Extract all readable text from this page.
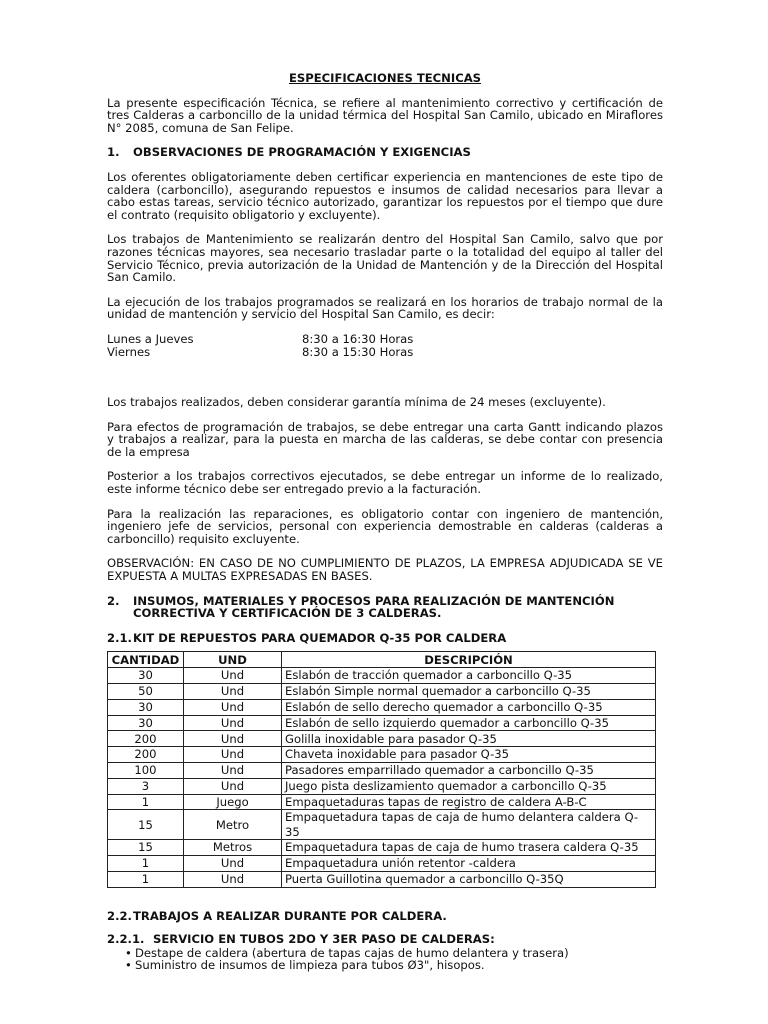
ESPECIFICACIONES TECNICAS

La presente especificación Técnica, se refiere al mantenimiento correctivo y certificación de tres Calderas a carboncillo de la unidad térmica del Hospital San Camilo, ubicado en Miraflores N° 2085, comuna de San Felipe.

1.	OBSERVACIONES DE PROGRAMACIÓN Y EXIGENCIAS

Los oferentes obligatoriamente deben certificar experiencia en mantenciones de este tipo de caldera (carboncillo), asegurando repuestos e insumos de calidad necesarios para llevar a cabo estas tareas, servicio técnico autorizado, garantizar los repuestos por el tiempo que dure el contrato (requisito obligatorio y excluyente).

Los trabajos de Mantenimiento se realizarán dentro del Hospital San Camilo, salvo que por razones técnicas mayores, sea necesario trasladar parte o la totalidad del equipo al taller del Servicio Técnico, previa autorización de la Unidad de Mantención y de la Dirección del Hospital San Camilo.

La ejecución de los trabajos programados se realizará en los horarios de trabajo normal de la unidad de mantención y servicio del Hospital San Camilo, es decir:

Lunes a Jueves	8:30 a 16:30 Horas
Viernes	8:30 a 15:30 Horas

Los trabajos realizados, deben considerar garantía mínima de 24 meses (excluyente).

Para efectos de programación de trabajos, se debe entregar una carta Gantt indicando plazos y trabajos a realizar, para la puesta en marcha de las calderas, se debe contar con presencia de la empresa

Posterior a los trabajos correctivos ejecutados, se debe entregar un informe de lo realizado, este informe técnico debe ser entregado previo a la facturación.

Para la realización las reparaciones, es obligatorio contar con ingeniero de mantención, ingeniero jefe de servicios, personal con experiencia demostrable en calderas (calderas a carboncillo) requisito excluyente.

OBSERVACIÓN: EN CASO DE NO CUMPLIMIENTO DE PLAZOS, LA EMPRESA ADJUDICADA SE VE EXPUESTA A MULTAS EXPRESADAS EN BASES.

2.	INSUMOS, MATERIALES Y PROCESOS PARA REALIZACIÓN DE MANTENCIÓN CORRECTIVA Y CERTIFICACIÓN DE 3 CALDERAS.
2.1. KIT DE REPUESTOS PARA QUEMADOR Q-35 POR CALDERA
CANTIDAD	UND	DESCRIPCIÓN
30	Und	Eslabón de tracción quemador a carboncillo Q-35
50	Und	Eslabón Simple normal quemador a carboncillo Q-35
30	Und	Eslabón de sello derecho quemador a carboncillo Q-35
30	Und	Eslabón de sello izquierdo quemador a carboncillo Q-35
200	Und	Golilla inoxidable para pasador Q-35
200	Und	Chaveta inoxidable para pasador Q-35
100	Und	Pasadores emparrillado quemador a carboncillo Q-35
3	Und	Juego pista deslizamiento quemador a carboncillo Q-35
1	Juego	Empaquetaduras tapas de registro de caldera A-B-C
15	Metro	Empaquetadura tapas de caja de humo delantera caldera Q-35
15	Metros	Empaquetadura tapas de caja de humo trasera caldera Q-35
1	Und	Empaquetadura unión retentor -caldera
1	Und	Puerta Guillotina quemador a carboncillo Q-35Q
2.2. TRABAJOS A REALIZAR DURANTE POR CALDERA.
2.2.1. SERVICIO EN TUBOS 2DO Y 3ER PASO DE CALDERAS:
• Destape de caldera (abertura de tapas cajas de humo delantera y trasera)
• Suministro de insumos de limpieza para tubos Ø3", hisopos.
